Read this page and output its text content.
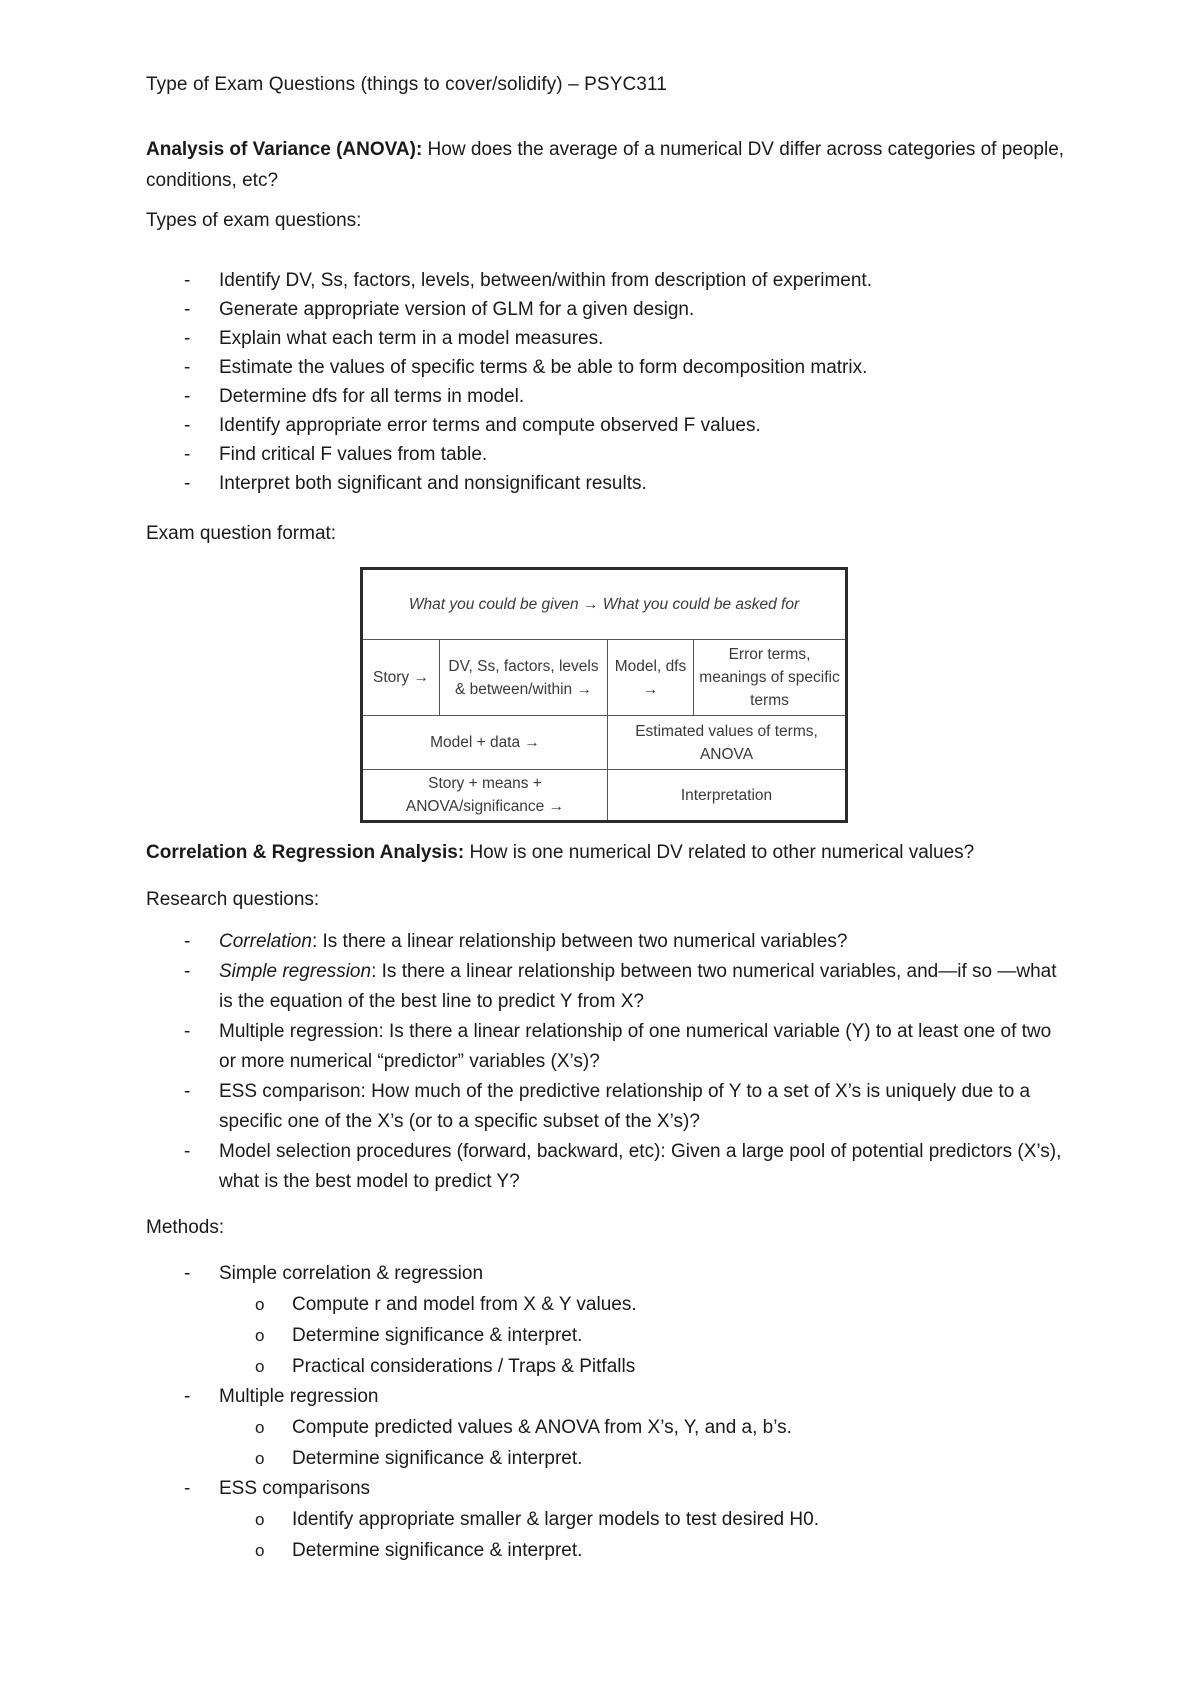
Type of Exam Questions (things to cover/solidify) – PSYC311
Analysis of Variance (ANOVA): How does the average of a numerical DV differ across categories of people, conditions, etc?
Types of exam questions:
- Identify DV, Ss, factors, levels, between/within from description of experiment.
- Generate appropriate version of GLM for a given design.
- Explain what each term in a model measures.
- Estimate the values of specific terms & be able to form decomposition matrix.
- Determine dfs for all terms in model.
- Identify appropriate error terms and compute observed F values.
- Find critical F values from table.
- Interpret both significant and nonsignificant results.
Exam question format:
What you could be given → What you could be asked for			
Story →	DV, Ss, factors, levels & between/within →	Model, dfs →	Error terms, meanings of specific terms
Model + data →		Estimated values of terms, ANOVA	
Story + means + ANOVA/significance →		Interpretation	
Correlation & Regression Analysis: How is one numerical DV related to other numerical values?
Research questions:
- Correlation: Is there a linear relationship between two numerical variables?
- Simple regression: Is there a linear relationship between two numerical variables, and—if so —what is the equation of the best line to predict Y from X?
- Multiple regression: Is there a linear relationship of one numerical variable (Y) to at least one of two or more numerical “predictor” variables (X’s)?
- ESS comparison: How much of the predictive relationship of Y to a set of X’s is uniquely due to a specific one of the X’s (or to a specific subset of the X’s)?
- Model selection procedures (forward, backward, etc): Given a large pool of potential predictors (X’s), what is the best model to predict Y?
Methods:
- Simple correlation & regression
o Compute r and model from X & Y values.
o Determine significance & interpret.
o Practical considerations / Traps & Pitfalls
- Multiple regression
o Compute predicted values & ANOVA from X’s, Y, and a, b’s.
o Determine significance & interpret.
- ESS comparisons
o Identify appropriate smaller & larger models to test desired H0.
o Determine significance & interpret.
